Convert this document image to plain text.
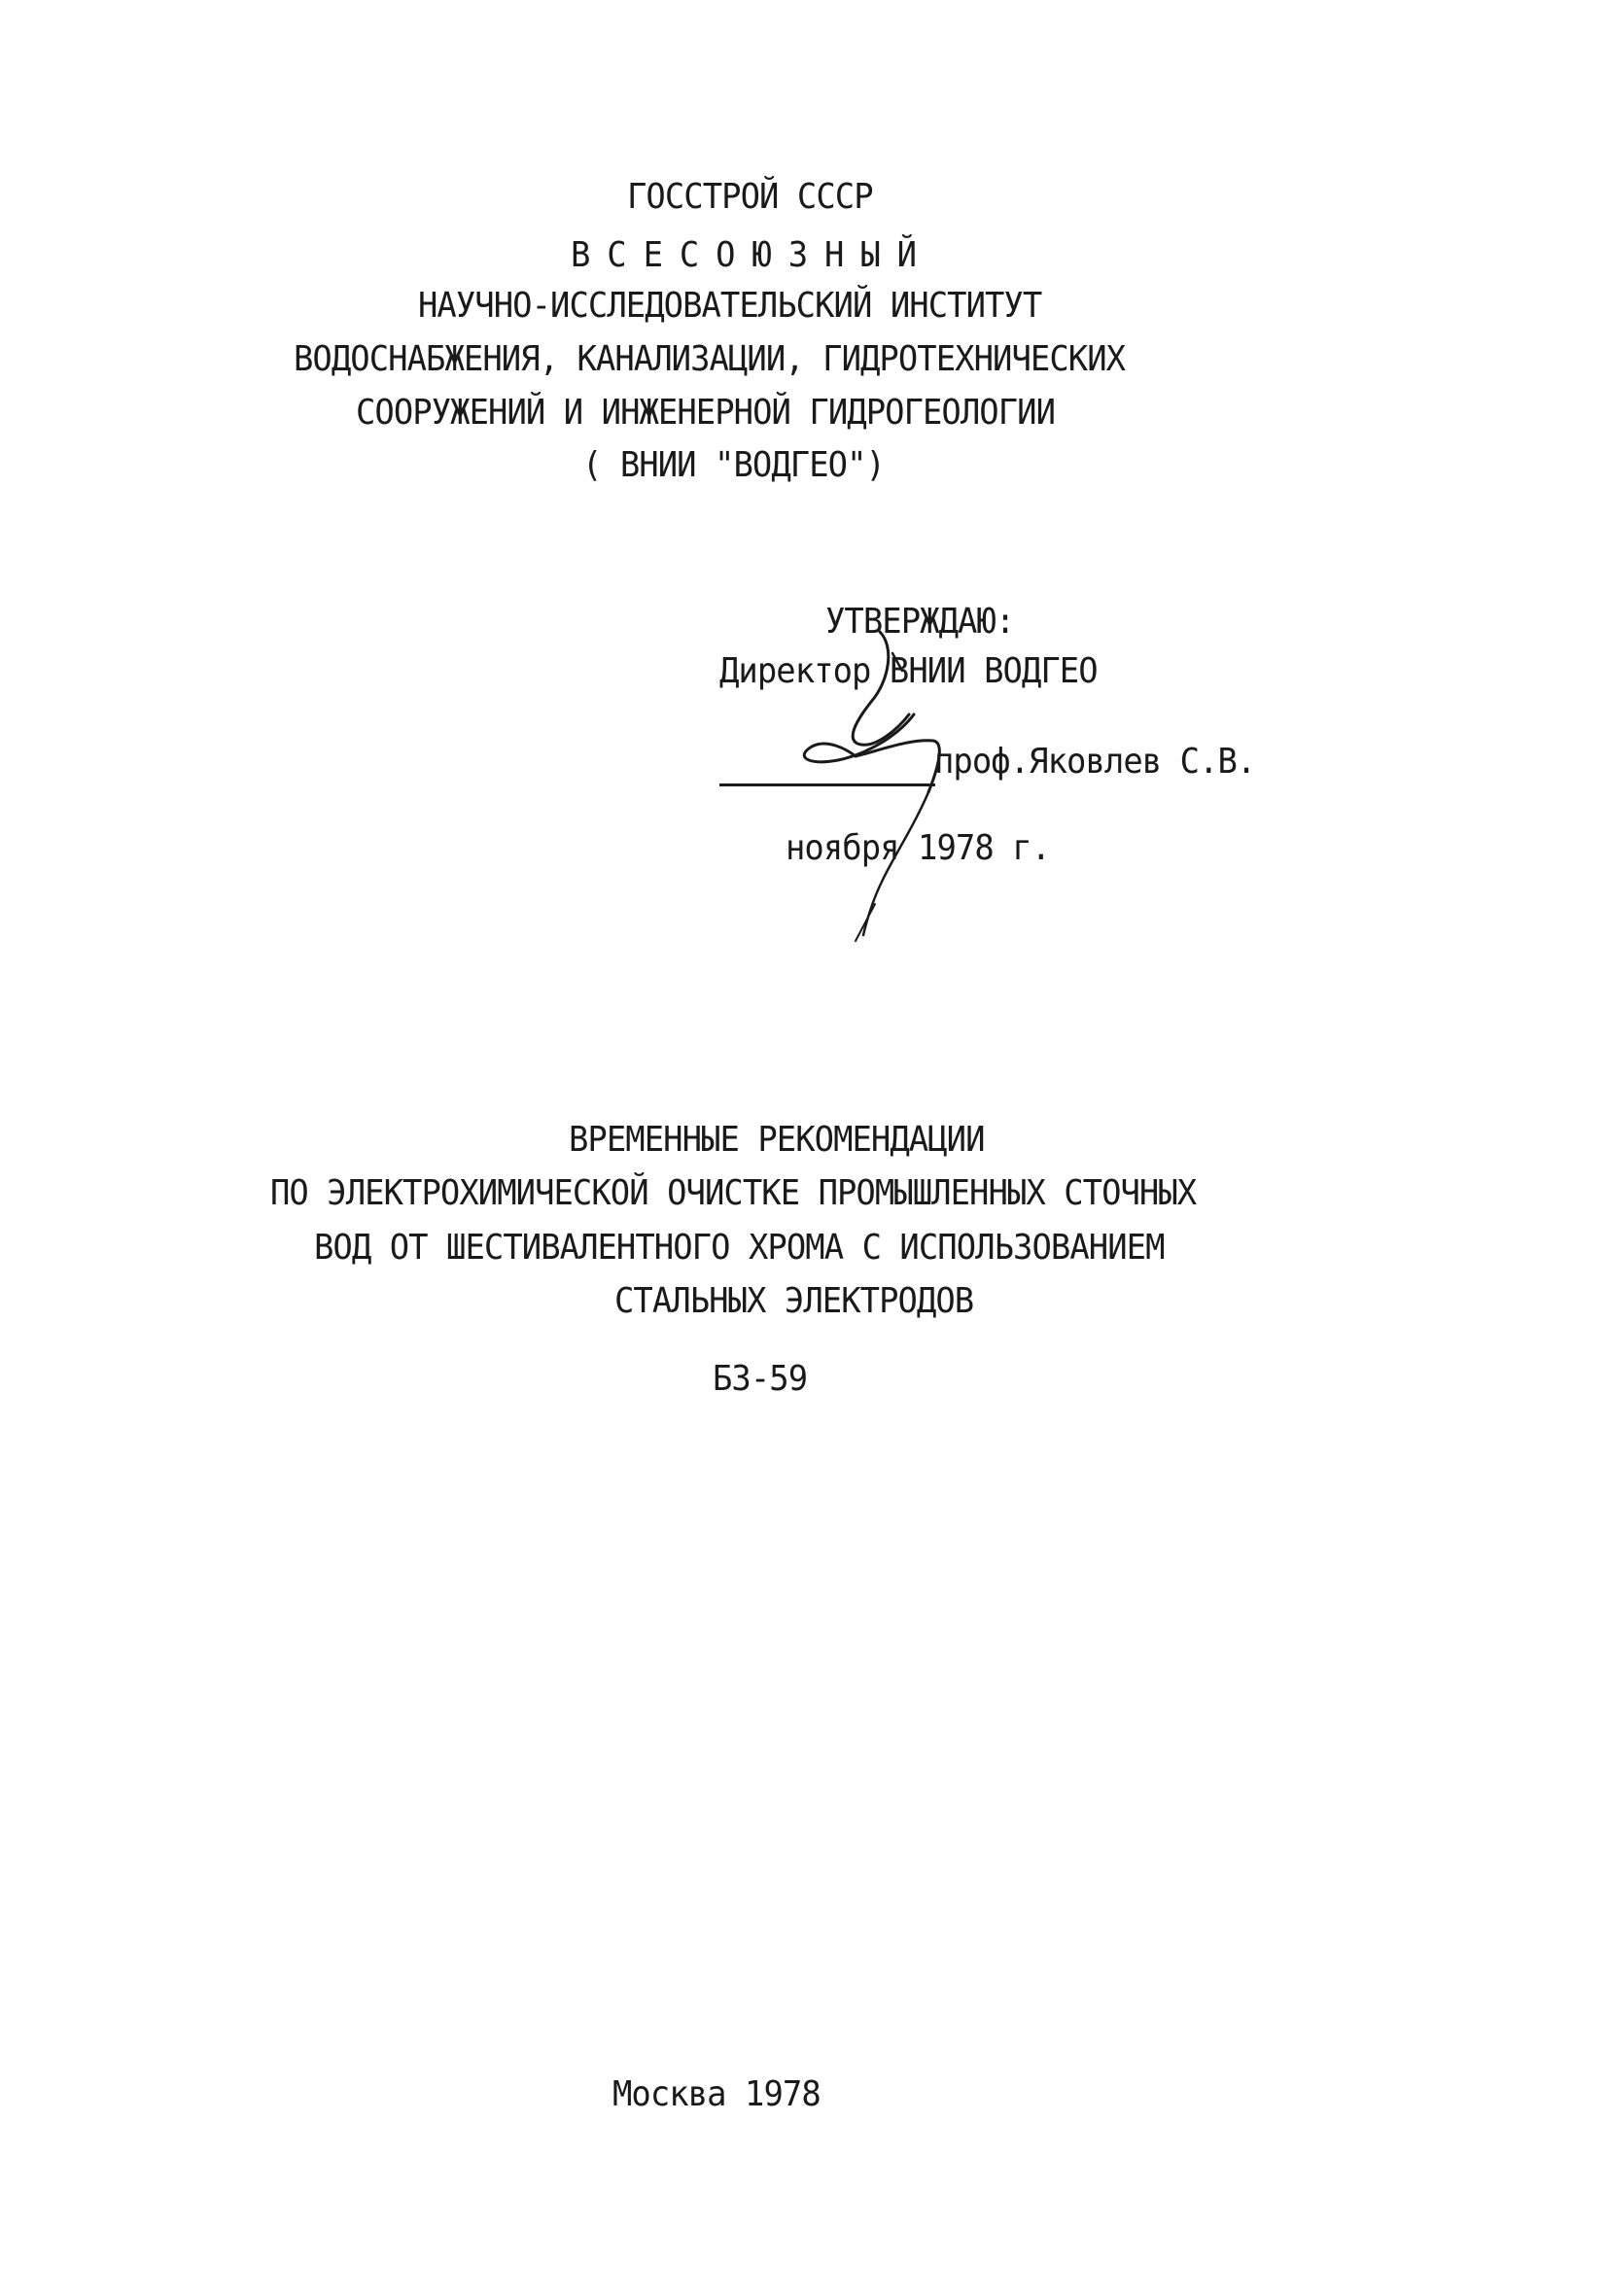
ГОССТРОЙ СССР
ВСЕСОЮЗНЫЙ
НАУЧНО-ИССЛЕДОВАТЕЛЬСКИЙ ИНСТИТУТ
ВОДОСНАБЖЕНИЯ, КАНАЛИЗАЦИИ, ГИДРОТЕХНИЧЕСКИХ
СООРУЖЕНИЙ И ИНЖЕНЕРНОЙ ГИДРОГЕОЛОГИИ
( ВНИИ "ВОДГЕО")
УТВЕРЖДАЮ:
Директор ВНИИ ВОДГЕО
проф.Яковлев С.В.
ноября 1978 г.
ВРЕМЕННЫЕ РЕКОМЕНДАЦИИ
ПО ЭЛЕКТРОХИМИЧЕСКОЙ ОЧИСТКЕ ПРОМЫШЛЕННЫХ СТОЧНЫХ
ВОД ОТ ШЕСТИВАЛЕНТНОГО ХРОМА С ИСПОЛЬЗОВАНИЕМ
СТАЛЬНЫХ ЭЛЕКТРОДОВ
БЗ-59
Москва 1978
